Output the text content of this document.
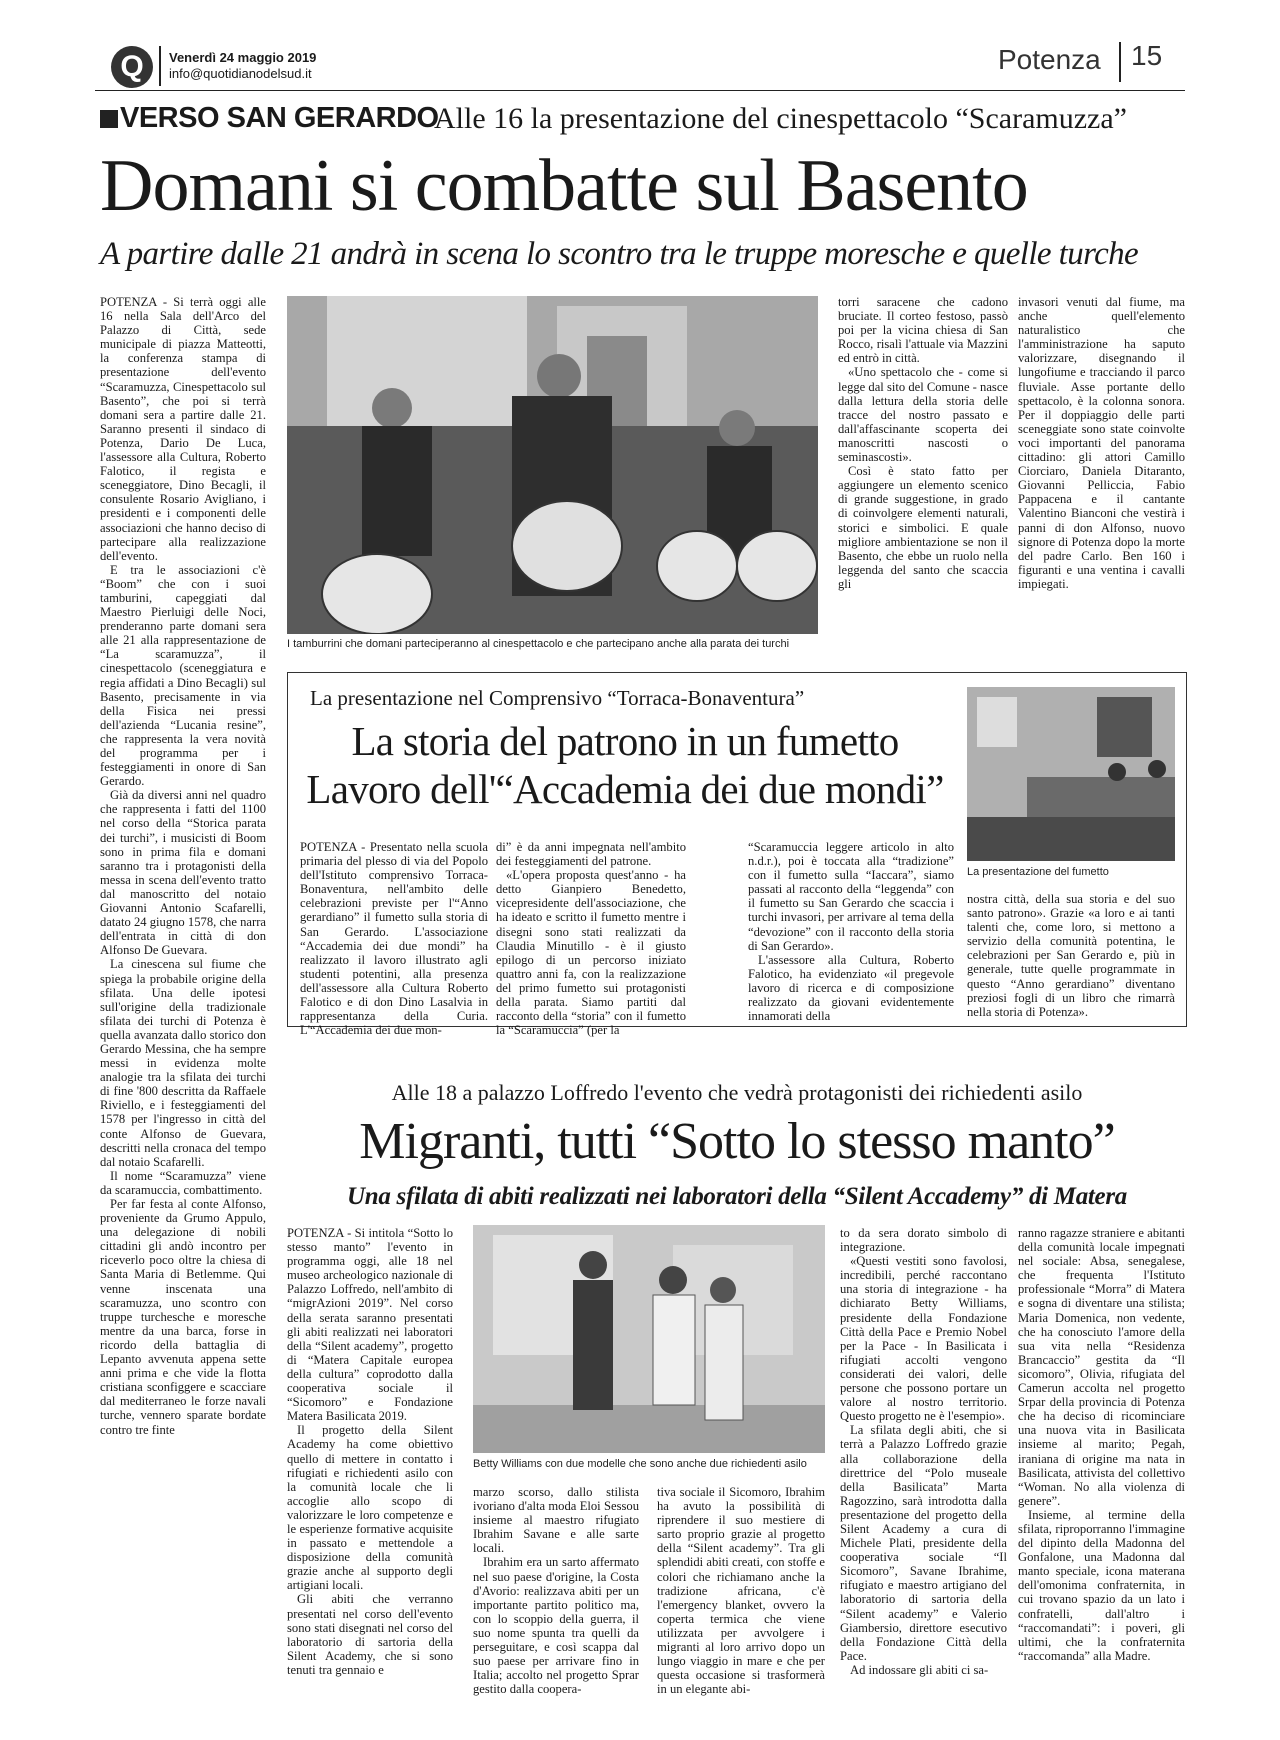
Q	Venerdì 24 maggio 2019
info@quotidianodelsud.it	Potenza 15
VERSO SAN GERARDO
Alle 16 la presentazione del cinespettacolo “Scaramuzza”
Domani si combatte sul Basento
A partire dalle 21 andrà in scena lo scontro tra le truppe moresche e quelle turche

POTENZA - Si terrà oggi alle 16 nella Sala dell'Arco del Palazzo di Città, sede municipale di piazza Matteotti, la conferenza stampa di presentazione dell'evento “Scaramuzza, Cinespettacolo sul Basento”, che poi si terrà domani sera a partire dalle 21. Saranno presenti il sindaco di Potenza, Dario De Luca, l'assessore alla Cultura, Roberto Falotico, il regista e sceneggiatore, Dino Becagli, il consulente Rosario Avigliano, i presidenti e i componenti delle associazioni che hanno deciso di partecipare alla realizzazione dell'evento.

E tra le associazioni c'è “Boom” che con i suoi tamburini, capeggiati dal Maestro Pierluigi delle Noci, prenderanno parte domani sera alle 21 alla rappresentazione de “La scaramuzza”, il cinespettacolo (sceneggiatura e regia affidati a Dino Becagli) sul Basento, precisamente in via della Fisica nei pressi dell'azienda “Lucania resine”, che rappresenta la vera novità del programma per i festeggiamenti in onore di San Gerardo.

Già da diversi anni nel quadro che rappresenta i fatti del 1100 nel corso della “Storica parata dei turchi”, i musicisti di Boom sono in prima fila e domani saranno tra i protagonisti della messa in scena dell'evento tratto dal manoscritto del notaio Giovanni Antonio Scafarelli, datato 24 giugno 1578, che narra dell'entrata in città di don Alfonso De Guevara.

La cinescena sul fiume che spiega la probabile origine della sfilata. Una delle ipotesi sull'origine della tradizionale sfilata dei turchi di Potenza è quella avanzata dallo storico don Gerardo Messina, che ha sempre messi in evidenza molte analogie tra la sfilata dei turchi di fine '800 descritta da Raffaele Riviello, e i festeggiamenti del 1578 per l'ingresso in città del conte Alfonso de Guevara, descritti nella cronaca del tempo dal notaio Scafarelli.

Il nome “Scaramuzza” viene da scaramuccia, combattimento.

Per far festa al conte Alfonso, proveniente da Grumo Appulo, una delegazione di nobili cittadini gli andò incontro per riceverlo poco oltre la chiesa di Santa Maria di Betlemme. Qui venne inscenata una scaramuzza, uno scontro con truppe turchesche e moresche mentre da una barca, forse in ricordo della battaglia di Lepanto avvenuta appena sette anni prima e che vide la flotta cristiana sconfiggere e scacciare dal mediterraneo le forze navali turche, vennero sparate bordate contro tre finte

I tamburrini che domani parteciperanno al cinespettacolo e che partecipano anche alla parata dei turchi

torri saracene che cadono bruciate. Il corteo festoso, passò poi per la vicina chiesa di San Rocco, risalì l'attuale via Mazzini ed entrò in città.

«Uno spettacolo che - come si legge dal sito del Comune - nasce dalla lettura della storia delle tracce del nostro passato e dall'affascinante scoperta dei manoscritti nascosti o seminascosti».

Così è stato fatto per aggiungere un elemento scenico di grande suggestione, in grado di coinvolgere elementi naturali, storici e simbolici. E quale migliore ambientazione se non il Basento, che ebbe un ruolo nella leggenda del santo che scaccia gli

invasori venuti dal fiume, ma anche quell'elemento naturalistico che l'amministrazione ha saputo valorizzare, disegnando il lungofiume e tracciando il parco fluviale. Asse portante dello spettacolo, è la colonna sonora. Per il doppiaggio delle parti sceneggiate sono state coinvolte voci importanti del panorama cittadino: gli attori Camillo Ciorciaro, Daniela Ditaranto, Giovanni Pelliccia, Fabio Pappacena e il cantante Valentino Bianconi che vestirà i panni di don Alfonso, nuovo signore di Potenza dopo la morte del padre Carlo. Ben 160 i figuranti e una ventina i cavalli impiegati.

La presentazione nel Comprensivo “Torraca-Bonaventura”
La storia del patrono in un fumetto
Lavoro dell'“Accademia dei due mondi”
La presentazione del fumetto

POTENZA - Presentato nella scuola primaria del plesso di via del Popolo dell'Istituto comprensivo Torraca-Bonaventura, nell'ambito delle celebrazioni previste per l'“Anno gerardiano” il fumetto sulla storia di San Gerardo. L'associazione “Accademia dei due mondi” ha realizzato il lavoro illustrato agli studenti potentini, alla presenza dell'assessore alla Cultura Roberto Falotico e di don Dino Lasalvia in rappresentanza della Curia. L'“Accademia dei due mon-

di” è da anni impegnata nell'ambito dei festeggiamenti del patrone.

«L'opera proposta quest'anno - ha detto Gianpiero Benedetto, vicepresidente dell'associazione, che ha ideato e scritto il fumetto mentre i disegni sono stati realizzati da Claudia Minutillo - è il giusto epilogo di un percorso iniziato quattro anni fa, con la realizzazione del primo fumetto sui protagonisti della parata. Siamo partiti dal racconto della “storia” con il fumetto la “Scaramuccia” (per la

“Scaramuccia leggere articolo in alto n.d.r.), poi è toccata alla “tradizione” con il fumetto sulla “Iaccara”, siamo passati al racconto della “leggenda” con il fumetto su San Gerardo che scaccia i turchi invasori, per arrivare al tema della “devozione” con il racconto della storia di San Gerardo».

L'assessore alla Cultura, Roberto Falotico, ha evidenziato «il pregevole lavoro di ricerca e di composizione realizzato da giovani evidentemente innamorati della

nostra città, della sua storia e del suo santo patrono». Grazie «a loro e ai tanti talenti che, come loro, si mettono a servizio della comunità potentina, le celebrazioni per San Gerardo e, più in generale, tutte quelle programmate in questo “Anno gerardiano” diventano preziosi fogli di un libro che rimarrà nella storia di Potenza».

Alle 18 a palazzo Loffredo l'evento che vedrà protagonisti dei richiedenti asilo
Migranti, tutti “Sotto lo stesso manto”
Una sfilata di abiti realizzati nei laboratori della “Silent Accademy” di Matera

POTENZA - Si intitola “Sotto lo stesso manto” l'evento in programma oggi, alle 18 nel museo archeologico nazionale di Palazzo Loffredo, nell'ambito di “migrAzioni 2019”. Nel corso della serata saranno presentati gli abiti realizzati nei laboratori della “Silent academy”, progetto di “Matera Capitale europea della cultura” coprodotto dalla cooperativa sociale il “Sicomoro” e Fondazione Matera Basilicata 2019.

Il progetto della Silent Academy ha come obiettivo quello di mettere in contatto i rifugiati e richiedenti asilo con la comunità locale che li accoglie allo scopo di valorizzare le loro competenze e le esperienze formative acquisite in passato e mettendole a disposizione della comunità grazie anche al supporto degli artigiani locali.

Gli abiti che verranno presentati nel corso dell'evento sono stati disegnati nel corso del laboratorio di sartoria della Silent Academy, che si sono tenuti tra gennaio e

Betty Williams con due modelle che sono anche due richiedenti asilo

marzo scorso, dallo stilista ivoriano d'alta moda Eloi Sessou insieme al maestro rifugiato Ibrahim Savane e alle sarte locali.

Ibrahim era un sarto affermato nel suo paese d'origine, la Costa d'Avorio: realizzava abiti per un importante partito politico ma, con lo scoppio della guerra, il suo nome spunta tra quelli da perseguitare, e così scappa dal suo paese per arrivare fino in Italia; accolto nel progetto Sprar gestito dalla coopera-

tiva sociale il Sicomoro, Ibrahim ha avuto la possibilità di riprendere il suo mestiere di sarto proprio grazie al progetto della “Silent academy”. Tra gli splendidi abiti creati, con stoffe e colori che richiamano anche la tradizione africana, c'è l'emergency blanket, ovvero la coperta termica che viene utilizzata per avvolgere i migranti al loro arrivo dopo un lungo viaggio in mare e che per questa occasione si trasformerà in un elegante abi-

to da sera dorato simbolo di integrazione.

«Questi vestiti sono favolosi, incredibili, perché raccontano una storia di integrazione - ha dichiarato Betty Williams, presidente della Fondazione Città della Pace e Premio Nobel per la Pace - In Basilicata i rifugiati accolti vengono considerati dei valori, delle persone che possono portare un valore al nostro territorio. Questo progetto ne è l'esempio».

La sfilata degli abiti, che si terrà a Palazzo Loffredo grazie alla collaborazione della direttrice del “Polo museale della Basilicata” Marta Ragozzino, sarà introdotta dalla presentazione del progetto della Silent Academy a cura di Michele Plati, presidente della cooperativa sociale “Il Sicomoro”, Savane Ibrahime, rifugiato e maestro artigiano del laboratorio di sartoria della “Silent academy” e Valerio Giambersio, direttore esecutivo della Fondazione Città della Pace.

Ad indossare gli abiti ci sa-

ranno ragazze straniere e abitanti della comunità locale impegnati nel sociale: Absa, senegalese, che frequenta l'Istituto professionale “Morra” di Matera e sogna di diventare una stilista; Maria Domenica, non vedente, che ha conosciuto l'amore della sua vita nella “Residenza Brancaccio” gestita da “Il sicomoro”, Olivia, rifugiata del Camerun accolta nel progetto Srpar della provincia di Potenza che ha deciso di ricominciare una nuova vita in Basilicata insieme al marito; Pegah, iraniana di origine ma nata in Basilicata, attivista del collettivo “Woman. No alla violenza di genere”.

Insieme, al termine della sfilata, riproporranno l'immagine del dipinto della Madonna del Gonfalone, una Madonna dal manto speciale, icona materana dell'omonima confraternita, in cui trovano spazio da un lato i confratelli, dall'altro i “raccomandati”: i poveri, gli ultimi, che la confraternita “raccomanda” alla Madre.
